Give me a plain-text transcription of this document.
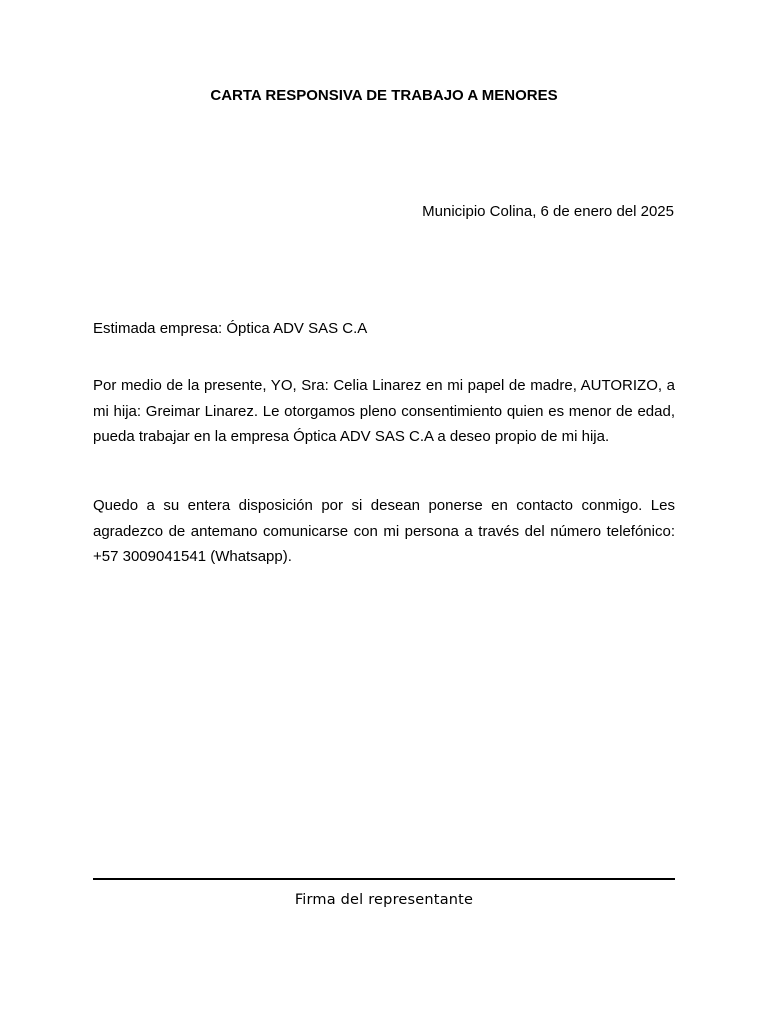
CARTA RESPONSIVA DE TRABAJO A MENORES
Municipio Colina, 6 de enero del 2025
Estimada empresa: Óptica ADV SAS C.A
Por medio de la presente, YO, Sra: Celia Linarez en mi papel de madre, AUTORIZO, a mi hija: Greimar Linarez. Le otorgamos pleno consentimiento quien es menor de edad, pueda trabajar en la empresa Óptica ADV SAS C.A a deseo propio de mi hija.
Quedo a su entera disposición por si desean ponerse en contacto conmigo. Les agradezco de antemano comunicarse con mi persona a través del número telefónico: +57 3009041541 (Whatsapp).
Firma del representante
